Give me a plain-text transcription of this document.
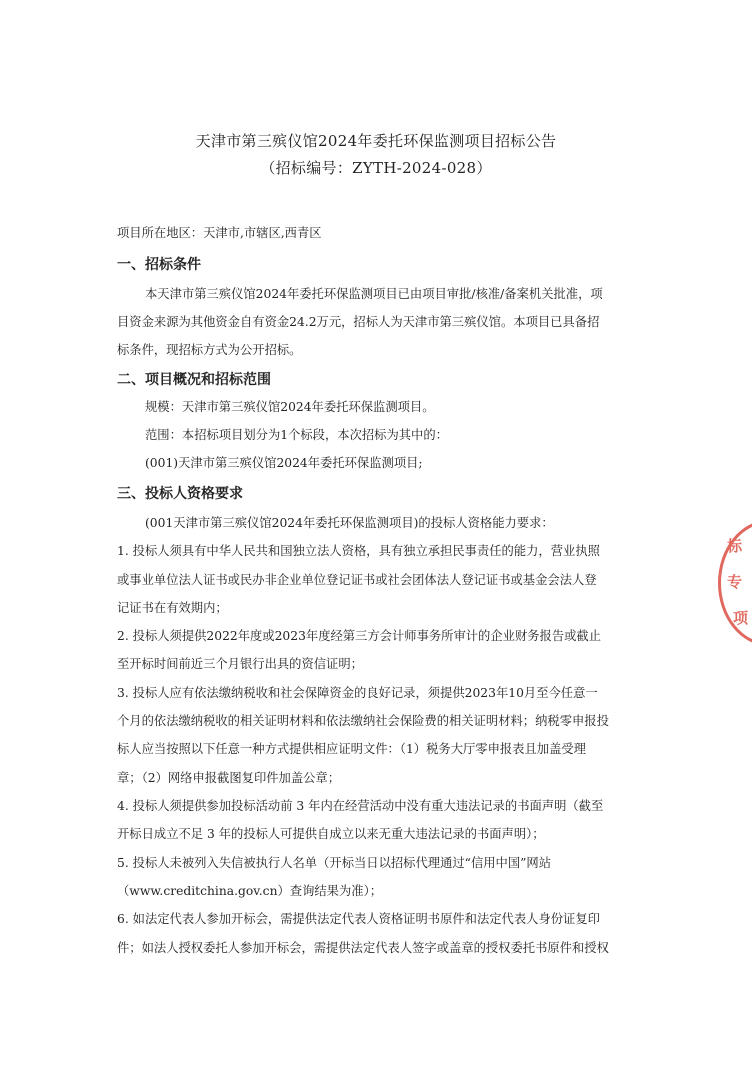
天津市第三殡仪馆2024年委托环保监测项目招标公告
（招标编号：ZYTH-2024-028）
项目所在地区：天津市,市辖区,西青区
一、招标条件
本天津市第三殡仪馆2024年委托环保监测项目已由项目审批/核准/备案机关批准，项
目资金来源为其他资金自有资金24.2万元，招标人为天津市第三殡仪馆。本项目已具备招
标条件，现招标方式为公开招标。
二、项目概况和招标范围
规模：天津市第三殡仪馆2024年委托环保监测项目。
范围：本招标项目划分为1个标段，本次招标为其中的：
(001)天津市第三殡仪馆2024年委托环保监测项目;
三、投标人资格要求
(001天津市第三殡仪馆2024年委托环保监测项目)的投标人资格能力要求：
1. 投标人须具有中华人民共和国独立法人资格，具有独立承担民事责任的能力，营业执照
或事业单位法人证书或民办非企业单位登记证书或社会团体法人登记证书或基金会法人登
记证书在有效期内；
2. 投标人须提供2022年度或2023年度经第三方会计师事务所审计的企业财务报告或截止
至开标时间前近三个月银行出具的资信证明；
3. 投标人应有依法缴纳税收和社会保障资金的良好记录，须提供2023年10月至今任意一
个月的依法缴纳税收的相关证明材料和依法缴纳社会保险费的相关证明材料；纳税零申报投
标人应当按照以下任意一种方式提供相应证明文件：（1）税务大厅零申报表且加盖受理
章；（2）网络申报截图复印件加盖公章；
4. 投标人须提供参加投标活动前 3 年内在经营活动中没有重大违法记录的书面声明（截至
开标日成立不足 3 年的投标人可提供自成立以来无重大违法记录的书面声明）；
5. 投标人未被列入失信被执行人名单（开标当日以招标代理通过“信用中国”网站
（www.creditchina.gov.cn）查询结果为准）；
6. 如法定代表人参加开标会，需提供法定代表人资格证明书原件和法定代表人身份证复印
件；如法人授权委托人参加开标会，需提供法定代表人签字或盖章的授权委托书原件和授权
标
专
项
